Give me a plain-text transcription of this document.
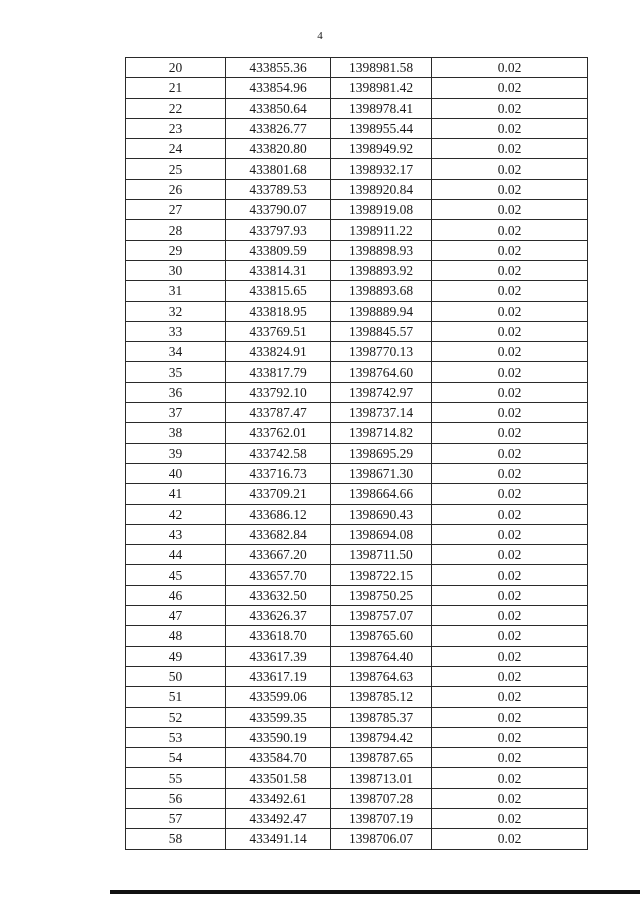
4
20	433855.36	1398981.58	0.02
21	433854.96	1398981.42	0.02
22	433850.64	1398978.41	0.02
23	433826.77	1398955.44	0.02
24	433820.80	1398949.92	0.02
25	433801.68	1398932.17	0.02
26	433789.53	1398920.84	0.02
27	433790.07	1398919.08	0.02
28	433797.93	1398911.22	0.02
29	433809.59	1398898.93	0.02
30	433814.31	1398893.92	0.02
31	433815.65	1398893.68	0.02
32	433818.95	1398889.94	0.02
33	433769.51	1398845.57	0.02
34	433824.91	1398770.13	0.02
35	433817.79	1398764.60	0.02
36	433792.10	1398742.97	0.02
37	433787.47	1398737.14	0.02
38	433762.01	1398714.82	0.02
39	433742.58	1398695.29	0.02
40	433716.73	1398671.30	0.02
41	433709.21	1398664.66	0.02
42	433686.12	1398690.43	0.02
43	433682.84	1398694.08	0.02
44	433667.20	1398711.50	0.02
45	433657.70	1398722.15	0.02
46	433632.50	1398750.25	0.02
47	433626.37	1398757.07	0.02
48	433618.70	1398765.60	0.02
49	433617.39	1398764.40	0.02
50	433617.19	1398764.63	0.02
51	433599.06	1398785.12	0.02
52	433599.35	1398785.37	0.02
53	433590.19	1398794.42	0.02
54	433584.70	1398787.65	0.02
55	433501.58	1398713.01	0.02
56	433492.61	1398707.28	0.02
57	433492.47	1398707.19	0.02
58	433491.14	1398706.07	0.02
